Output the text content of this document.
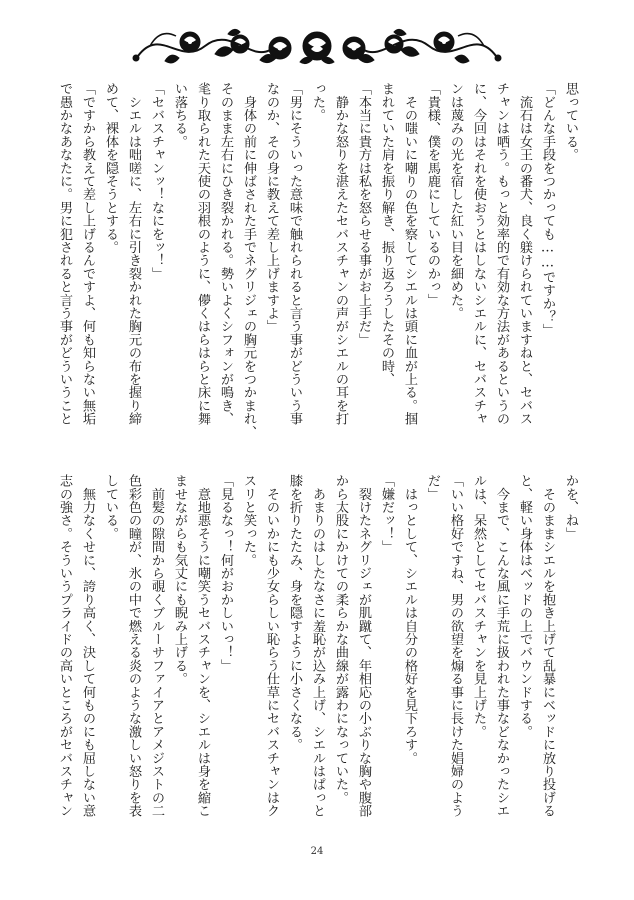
思っている。
「どんな手段をつかっても……ですか？」
　流石は女王の番犬、良く躾けられていますねと、セバス
チャンは哂う。もっと効率的で有効な方法があるというの
に、今回はそれを使おうとはしないシエルに、セバスチャ
ンは蔑みの光を宿した紅い目を細めた。
「貴様、僕を馬鹿にしているのかっ」
　その嗤いに嘲りの色を察してシエルは頭に血が上る。掴
まれていた肩を振り解き、振り返ろうしたその時、
「本当に貴方は私を怒らせる事がお上手だ」
　静かな怒りを湛えたセバスチャンの声がシエルの耳を打
った。
「男にそういった意味で触れられると言う事がどういう事
なのか、その身に教えて差し上げますよ」
　身体の前に伸ばされた手でネグリジェの胸元をつかまれ、
そのまま左右にひき裂かれる。勢いよくシフォンが鳴き、
毟り取られた天使の羽根のように、儚くはらはらと床に舞
い落ちる。
「セバスチャンッ！なにをッ！」
　シエルは咄嗟に、左右に引き裂かれた胸元の布を握り締
めて、裸体を隠そうとする。
「ですから教えて差し上げるんですよ、何も知らない無垢
で愚かなあなたに。男に犯されると言う事がどういうこと
かを、ね」
　そのままシエルを抱き上げて乱暴にベッドに放り投げる
と、軽い身体はベッドの上でバウンドする。
　今まで、こんな風に手荒に扱われた事などなかったシエ
ルは、呆然としてセバスチャンを見上げた。
「いい格好ですね、男の欲望を煽る事に長けた娼婦のよう
だ」
　はっとして、シエルは自分の格好を見下ろす。
「嫌だッ！」
　裂けたネグリジェが肌蹴て、年相応の小ぶりな胸や腹部
から太股にかけての柔らかな曲線が露わになっていた。
　あまりのはしたなさに羞恥が込み上げ、シエルはぱっと
膝を折りたたみ、身を隠すように小さくなる。
　そのいかにも少女らしい恥らう仕草にセバスチャンはク
スリと笑った。
「見るなっ！何がおかしいっ！」
　意地悪そうに嘲笑うセバスチャンを、シエルは身を縮こ
ませながらも気丈にも睨み上げる。
　前髪の隙間から覗くブルーサファイアとアメジストの二
色彩色の瞳が、氷の中で燃える炎のような激しい怒りを表
している。
　無力なくせに、誇り高く、決して何ものにも屈しない意
志の強さ。そういうプライドの高いところがセバスチャン
24
